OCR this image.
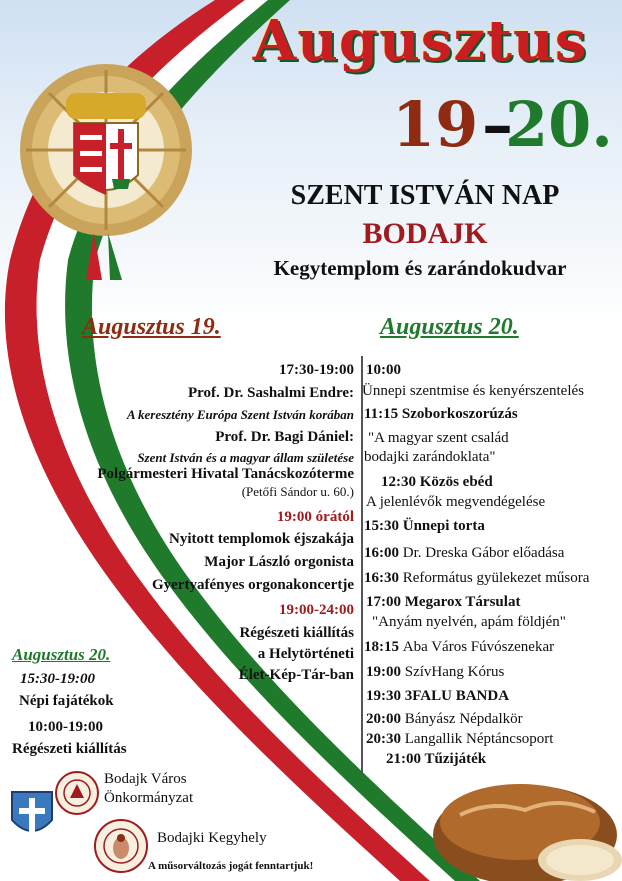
Augusztus
19 –
20.
SZENT ISTVÁN NAP
BODAJK
Kegytemplom és zarándokudvar
Augusztus 19.	Augusztus 20.
17:30-19:00
Prof. Dr. Sashalmi Endre:
A keresztény Európa Szent István korában
Prof. Dr. Bagi Dániel:
Szent István és a magyar állam születése
Polgármesteri Hivatal Tanácskozóterme
(Petőfi Sándor u. 60.)
19:00 órától
Nyitott templomok éjszakája
Major László orgonista
Gyertyafényes orgonakoncertje
19:00-24:00
Régészeti kiállítás
a Helytörténeti
Élet-Kép-Tár-ban
10:00
Ünnepi szentmise és kenyérszentelés
11:15 Szoborkoszorúzás
"A magyar szent család
bodajki zarándoklata"
12:30 Közös ebéd
A jelenlévők megvendégelése
15:30 Ünnepi torta
16:00 Dr. Dreska Gábor előadása
16:30 Református gyülekezet műsora
17:00 Megarox Társulat
"Anyám nyelvén, apám földjén"
18:15 Aba Város Fúvószenekar
19:00 SzívHang Kórus
19:30 3FALU BANDA
20:00 Bányász Népdalkör
20:30 Langallik Néptáncsoport
21:00 Tűzijáték
Augusztus 20.
15:30-19:00
Népi fajátékok
10:00-19:00
Régészeti kiállítás
Bodajk Város
Önkormányzat
Bodajki Kegyhely
A műsorváltozás jogát fenntartjuk!
